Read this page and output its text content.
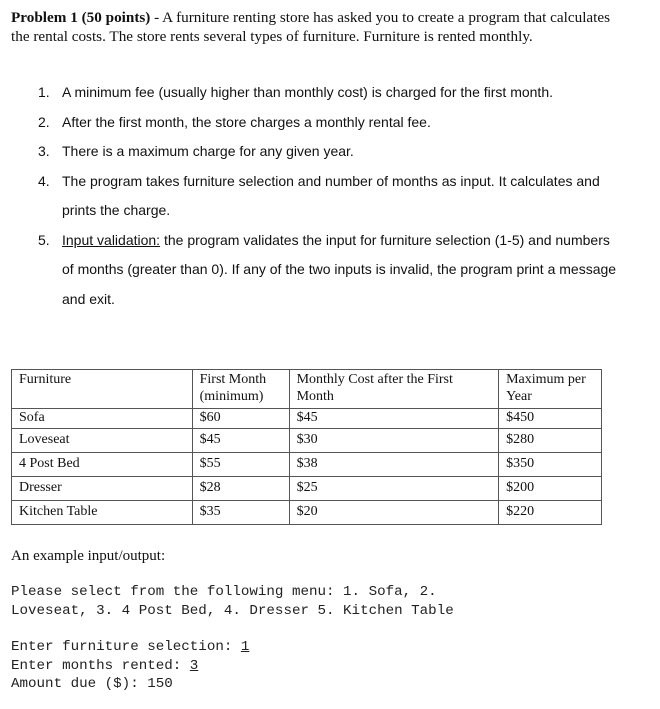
Problem 1 (50 points) - A furniture renting store has asked you to create a program that calculates the rental costs. The store rents several types of furniture. Furniture is rented monthly.
1. A minimum fee (usually higher than monthly cost) is charged for the first month.
2. After the first month, the store charges a monthly rental fee.
3. There is a maximum charge for any given year.
4. The program takes furniture selection and number of months as input. It calculates and prints the charge.
5. Input validation: the program validates the input for furniture selection (1-5) and numbers of months (greater than 0). If any of the two inputs is invalid, the program print a message and exit.
Furniture	First Month (minimum)	Monthly Cost after the First Month	Maximum per Year
Sofa	$60	$45	$450
Loveseat	$45	$30	$280
4 Post Bed	$55	$38	$350
Dresser	$28	$25	$200
Kitchen Table	$35	$20	$220
An example input/output:
Please select from the following menu: 1. Sofa, 2.
Loveseat, 3. 4 Post Bed, 4. Dresser 5. Kitchen Table
Enter furniture selection: 1
Enter months rented: 3
Amount due ($): 150
